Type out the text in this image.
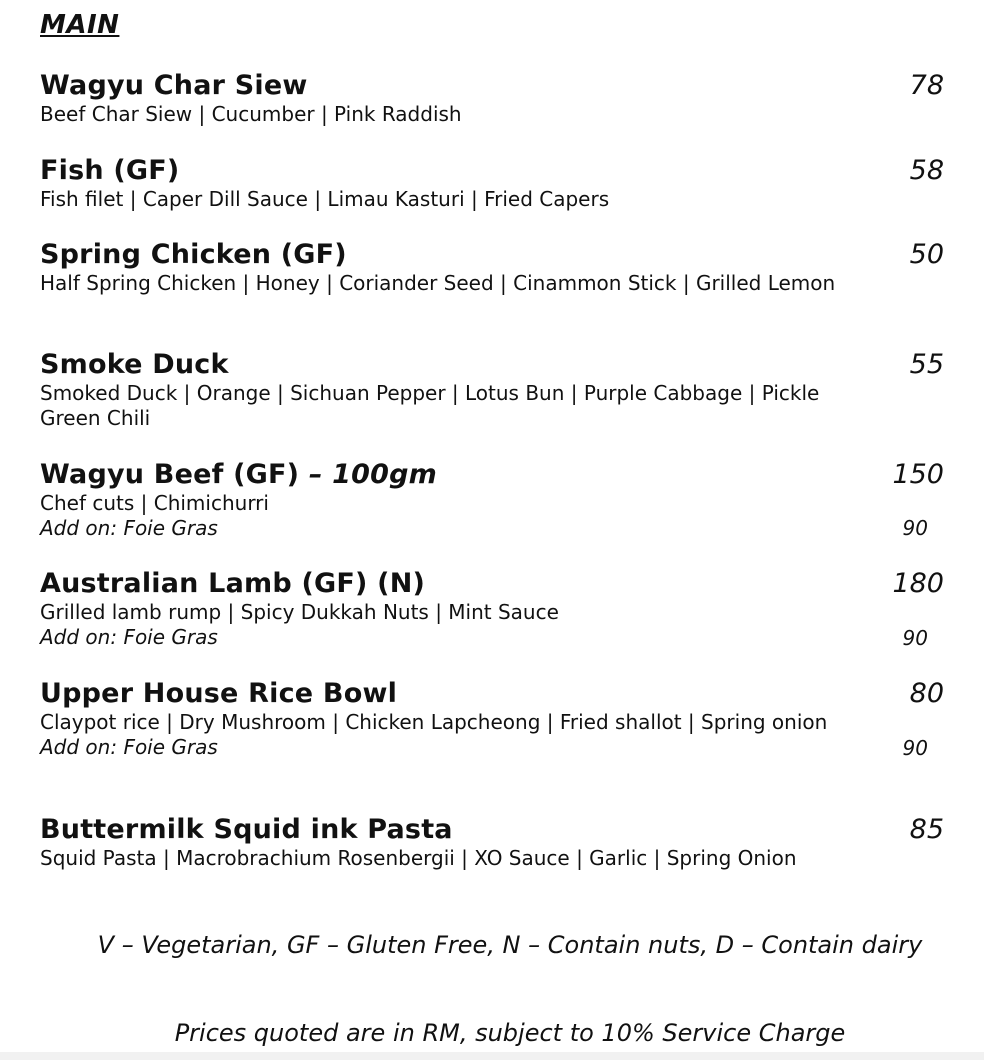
MAIN
Wagyu Char Siew
Beef Char Siew | Cucumber | Pink Raddish
78
Fish (GF)
Fish filet | Caper Dill Sauce | Limau Kasturi | Fried Capers
58
Spring Chicken (GF)
Half Spring Chicken | Honey | Coriander Seed | Cinammon Stick | Grilled Lemon
50
Smoke Duck
Smoked Duck | Orange | Sichuan Pepper | Lotus Bun | Purple Cabbage | Pickle Green Chili
55
Wagyu Beef (GF) – 100gm
Chef cuts | Chimichurri
Add on: Foie Gras
150
90
Australian Lamb (GF) (N)
Grilled lamb rump | Spicy Dukkah Nuts | Mint Sauce
Add on: Foie Gras
180
90
Upper House Rice Bowl
Claypot rice | Dry Mushroom | Chicken Lapcheong | Fried shallot | Spring onion
Add on: Foie Gras
80
90
Buttermilk Squid ink Pasta
Squid Pasta | Macrobrachium Rosenbergii | XO Sauce | Garlic | Spring Onion
85
V – Vegetarian, GF – Gluten Free, N – Contain nuts, D – Contain dairy
Prices quoted are in RM, subject to 10% Service Charge
